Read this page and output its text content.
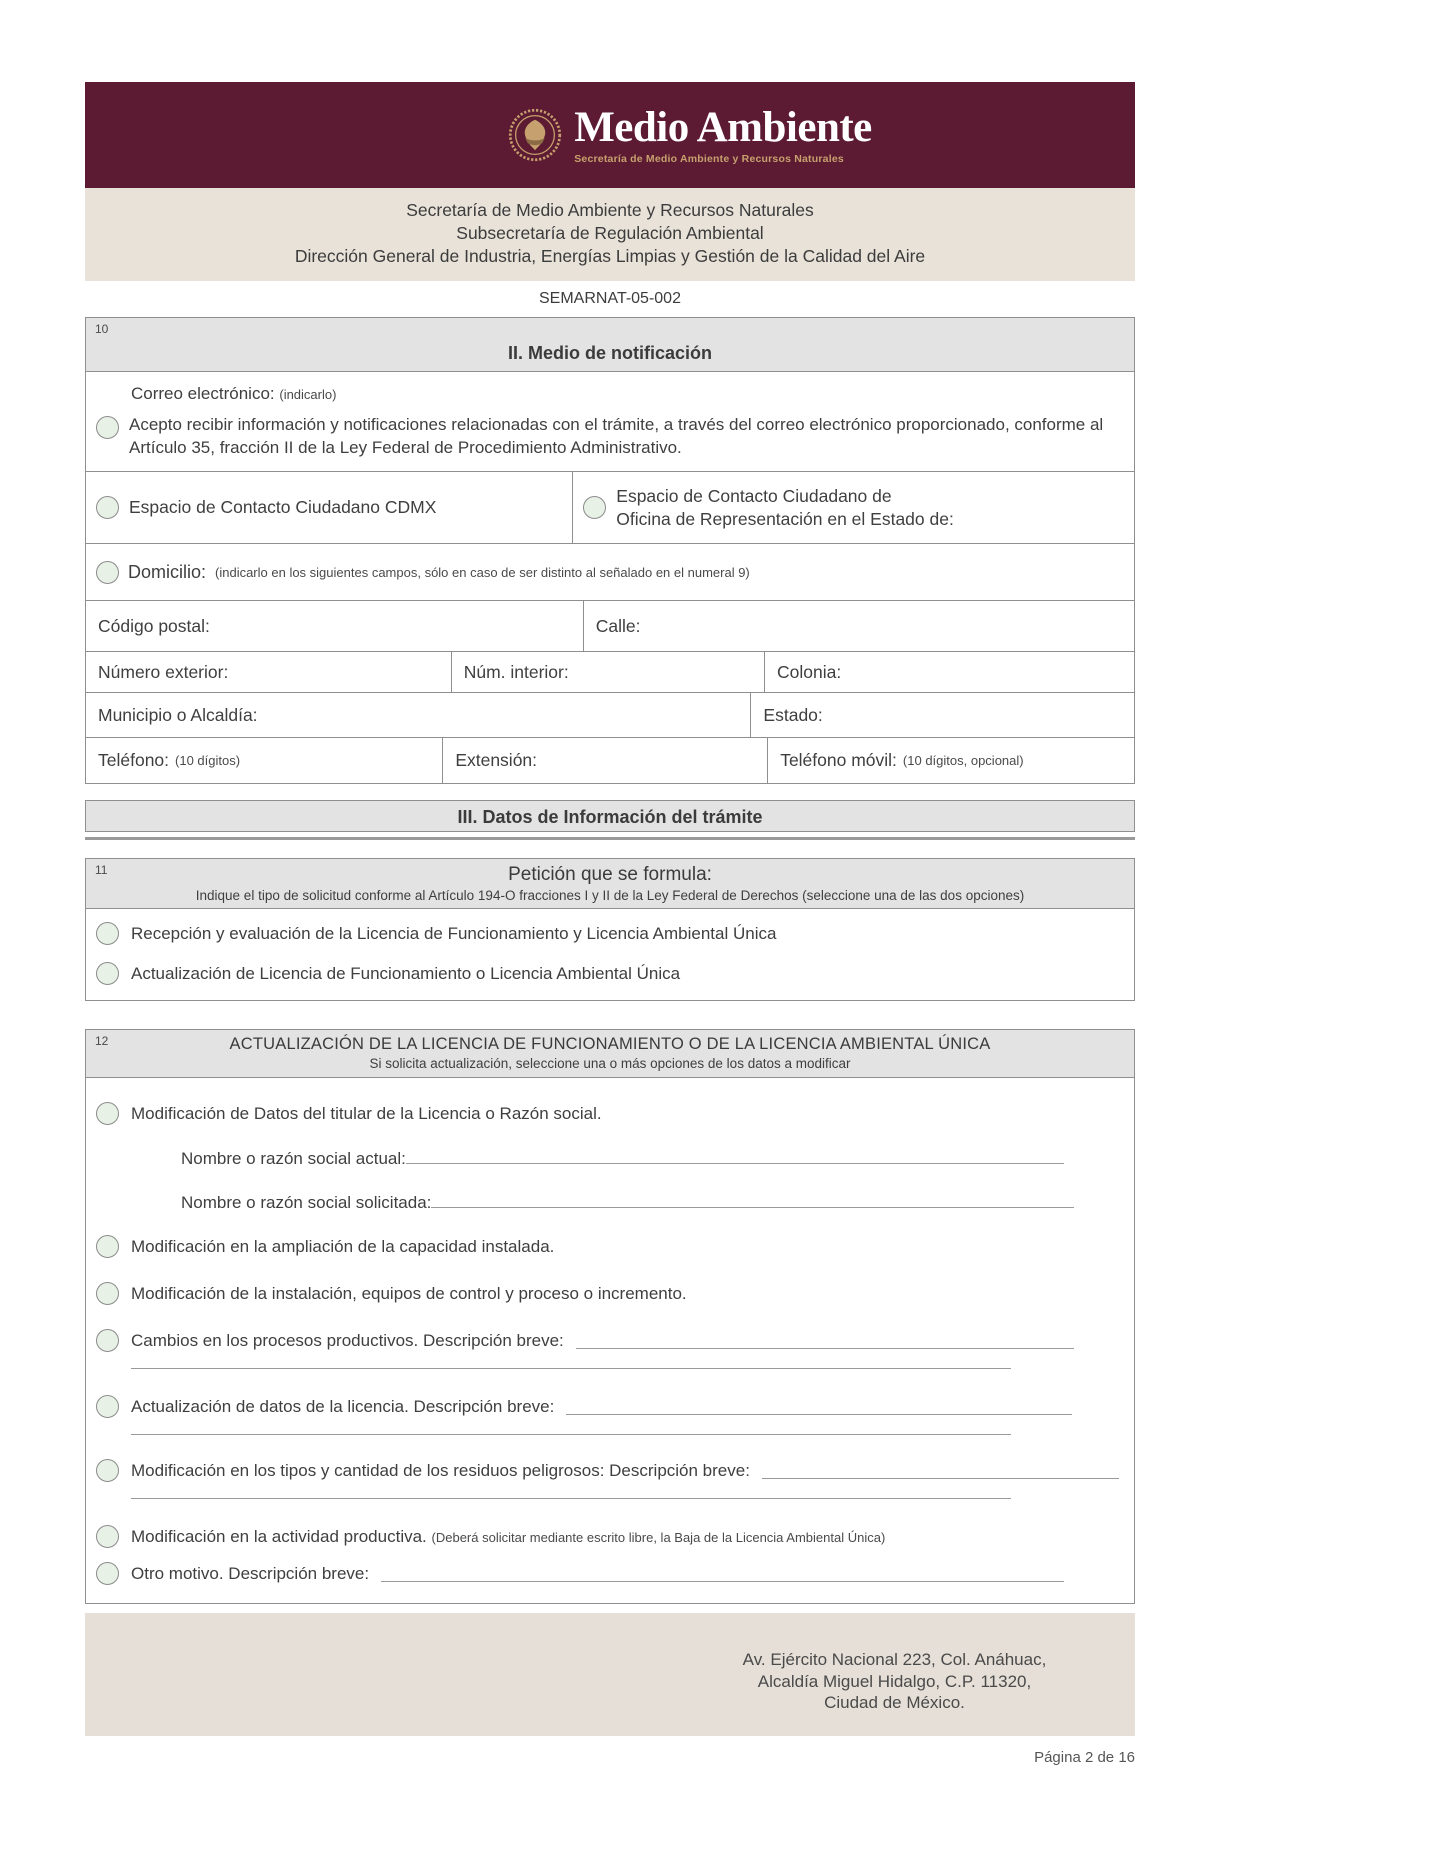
Medio Ambiente
Secretaría de Medio Ambiente y Recursos Naturales
Secretaría de Medio Ambiente y Recursos Naturales
Subsecretaría de Regulación Ambiental
Dirección General de Industria, Energías Limpias y Gestión de la Calidad del Aire
SEMARNAT-05-002
10
II. Medio de notificación
Correo electrónico: (indicarlo)

Acepto recibir información y notificaciones relacionadas con el trámite, a través del correo electrónico proporcionado, conforme al Artículo 35, fracción II de la Ley Federal de Procedimiento Administrativo.

Espacio de Contacto Ciudadano CDMX
Espacio de Contacto Ciudadano de
Oficina de Representación en el Estado de:
Domicilio: (indicarlo en los siguientes campos, sólo en caso de ser distinto al señalado en el numeral 9)
Código postal:	Calle:
Número exterior:	Núm. interior:	Colonia:
Municipio o Alcaldía:	Estado:
Teléfono: (10 dígitos)	Extensión:	Teléfono móvil: (10 dígitos, opcional)
III. Datos de Información del trámite
11	Petición que se formula:
Indique el tipo de solicitud conforme al Artículo 194-O fracciones I y II de la Ley Federal de Derechos (seleccione una de las dos opciones)
Recepción y evaluación de la Licencia de Funcionamiento y Licencia Ambiental Única
Actualización de Licencia de Funcionamiento o Licencia Ambiental Única
12	ACTUALIZACIÓN DE LA LICENCIA DE FUNCIONAMIENTO O DE LA LICENCIA AMBIENTAL ÚNICA
Si solicita actualización, seleccione una o más opciones de los datos a modificar
Modificación de Datos del titular de la Licencia o Razón social.
Nombre o razón social actual:
Nombre o razón social solicitada:
Modificación en la ampliación de la capacidad instalada.
Modificación de la instalación, equipos de control y proceso o incremento.
Cambios en los procesos productivos. Descripción breve:
Actualización de datos de la licencia. Descripción breve:
Modificación en los tipos y cantidad de los residuos peligrosos: Descripción breve:
Modificación en la actividad productiva. (Deberá solicitar mediante escrito libre, la Baja de la Licencia Ambiental Única)
Otro motivo. Descripción breve:
Av. Ejército Nacional 223, Col. Anáhuac,
Alcaldía Miguel Hidalgo, C.P. 11320,
Ciudad de México.
Página 2 de 16
